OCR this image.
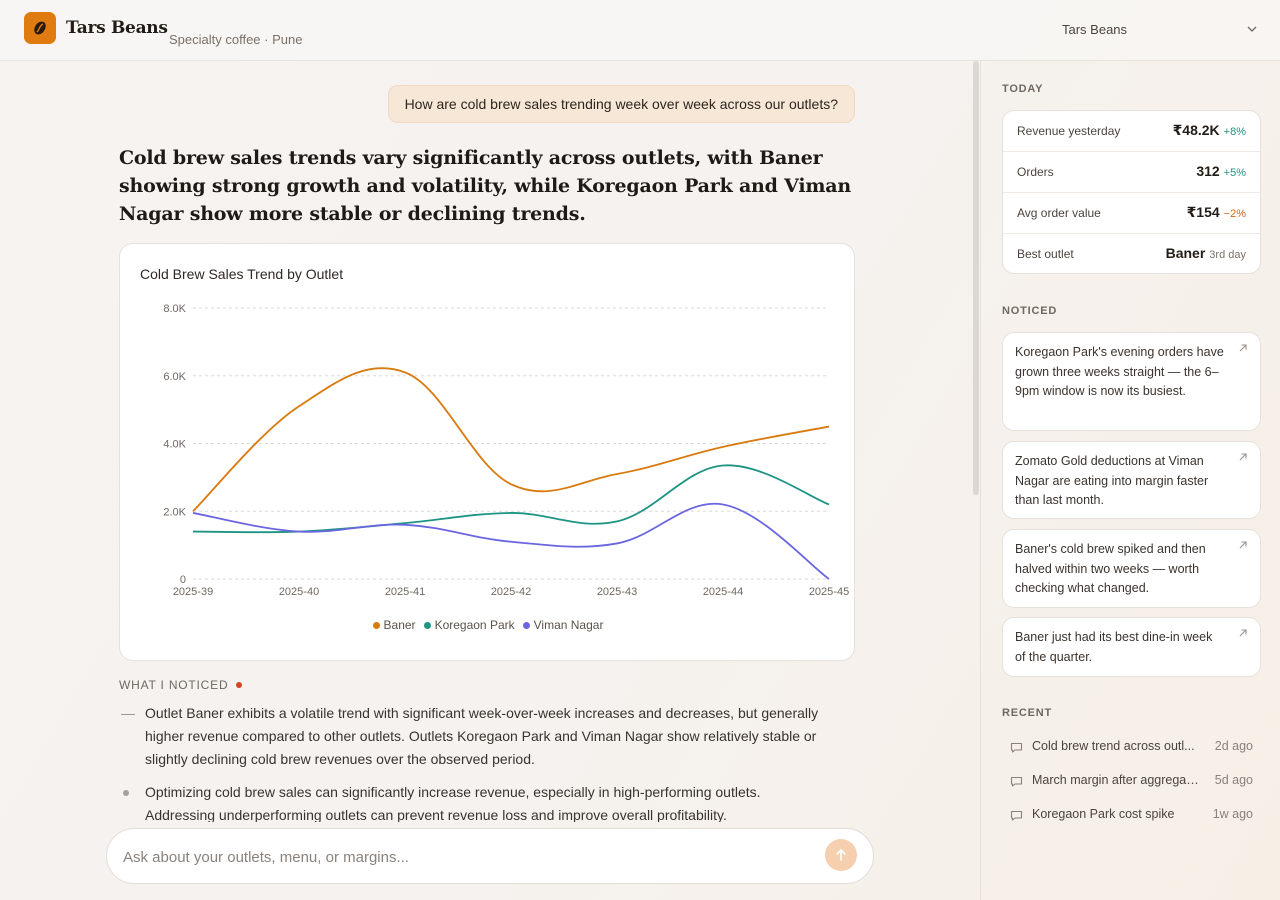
Tars Beans
Specialty coffee · Pune
Tars Beans
How are cold brew sales trending week over week across our outlets?
Cold brew sales trends vary significantly across outlets, with Baner showing strong growth and volatility, while Koregaon Park and Viman Nagar show more stable or declining trends.
Cold Brew Sales Trend by Outlet
0
2.0K
4.0K
6.0K
8.0K
2025-39	2025-40	2025-41	2025-42	2025-43	2025-44	2025-45
Baner Koregaon Park Viman Nagar
WHAT I NOTICED
— Outlet Baner exhibits a volatile trend with significant week-over-week increases and decreases, but generally higher revenue compared to other outlets. Outlets Koregaon Park and Viman Nagar show relatively stable or slightly declining cold brew revenues over the observed period.
Optimizing cold brew sales can significantly increase revenue, especially in high-performing outlets. Addressing underperforming outlets can prevent revenue loss and improve overall profitability.
Ask about your outlets, menu, or margins...
TODAY
Revenue yesterday	₹48.2K +8%
Orders	312 +5%
Avg order value	₹154 −2%
Best outlet	Baner 3rd day
NOTICED
Koregaon Park's evening orders have grown three weeks straight — the 6–9pm window is now its busiest.
Zomato Gold deductions at Viman Nagar are eating into margin faster than last month.
Baner's cold brew spiked and then halved within two weeks — worth checking what changed.
Baner just had its best dine-in week of the quarter.
RECENT
Cold brew trend across outl...	2d ago
March margin after aggregat...	5d ago
Koregaon Park cost spike	1w ago
